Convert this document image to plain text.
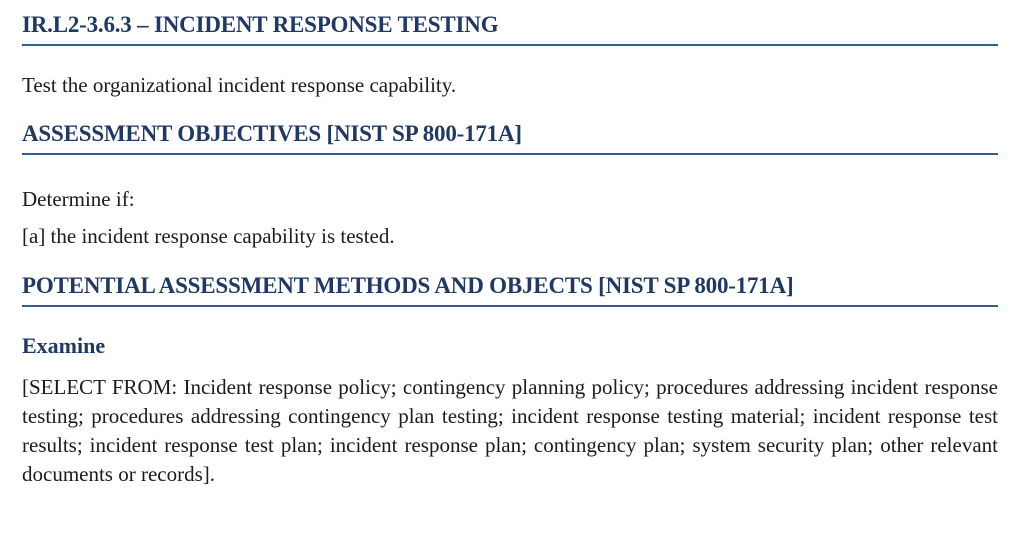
IR.L2-3.6.3 – INCIDENT RESPONSE TESTING

Test the organizational incident response capability.

ASSESSMENT OBJECTIVES [NIST SP 800-171A]

Determine if:

[a] the incident response capability is tested.

POTENTIAL ASSESSMENT METHODS AND OBJECTS [NIST SP 800-171A]
Examine

[SELECT FROM: Incident response policy; contingency planning policy; procedures addressing incident response testing; procedures addressing contingency plan testing; incident response testing material; incident response test results; incident response test plan; incident response plan; contingency plan; system security plan; other relevant documents or records].
